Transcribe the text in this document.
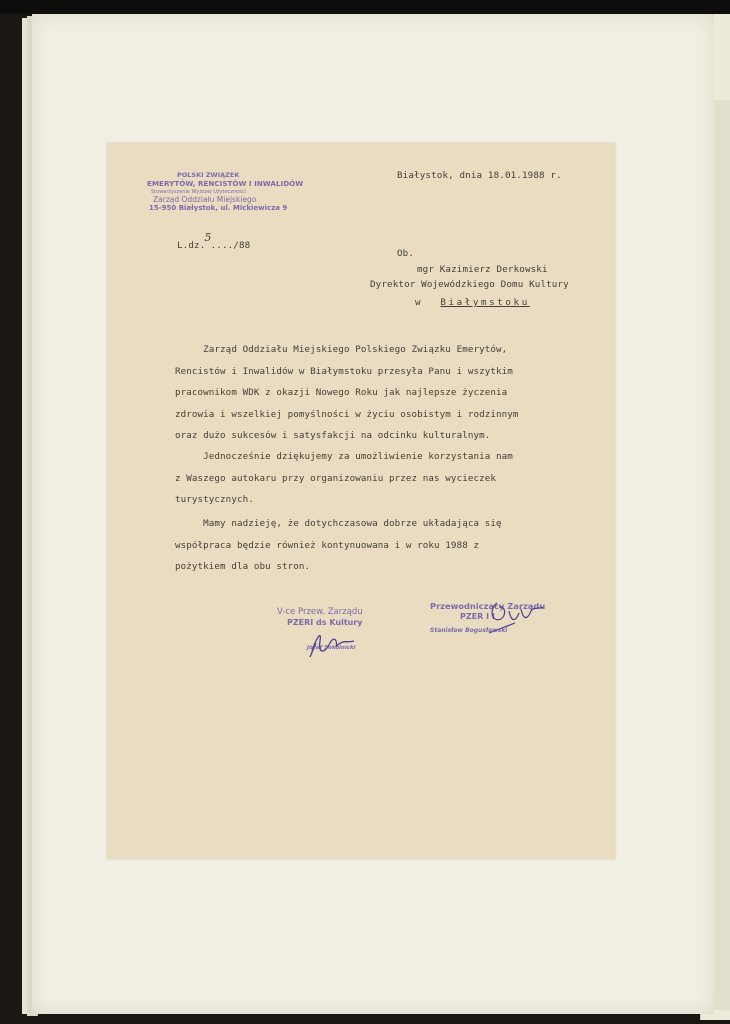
POLSKI ZWIĄZEK
EMERYTÓW, RENCISTÓW I INWALIDÓW
Stowarzyszenie Wyższej Użyteczności
Zarząd Oddziału Miejskiego
15-950 Białystok, ul. Mickiewicza 9
Białystok, dnia 18.01.1988 r.
L.dz.5..../88
Ob.
mgr Kazimierz Derkowski
Dyrektor Wojewódzkiego Domu Kultury
w Białymstoku
Zarząd Oddziału Miejskiego Polskiego Związku Emerytów,
Rencistów i Inwalidów w Białymstoku przesyła Panu i wszytkim
pracownikom WDK z okazji Nowego Roku jak najlepsze życzenia
zdrowia i wszelkiej pomyślności w życiu osobistym i rodzinnym
oraz dużo sukcesów i satysfakcji na odcinku kulturalnym.
Jednocześnie dziękujemy za umożliwienie korzystania nam
z Waszego autokaru przy organizowaniu przez nas wycieczek
turystycznych.
Mamy nadzieję, że dotychczasowa dobrze układająca się
współpraca będzie również kontynuowana i w roku 1988 z
pożytkiem dla obu stron.
V-ce Przew. Zarządu
PZERI ds Kultury
Józef Sokolnicki
Przewodniczący Zarządu
PZER I I
Stanisław Bogusławski
